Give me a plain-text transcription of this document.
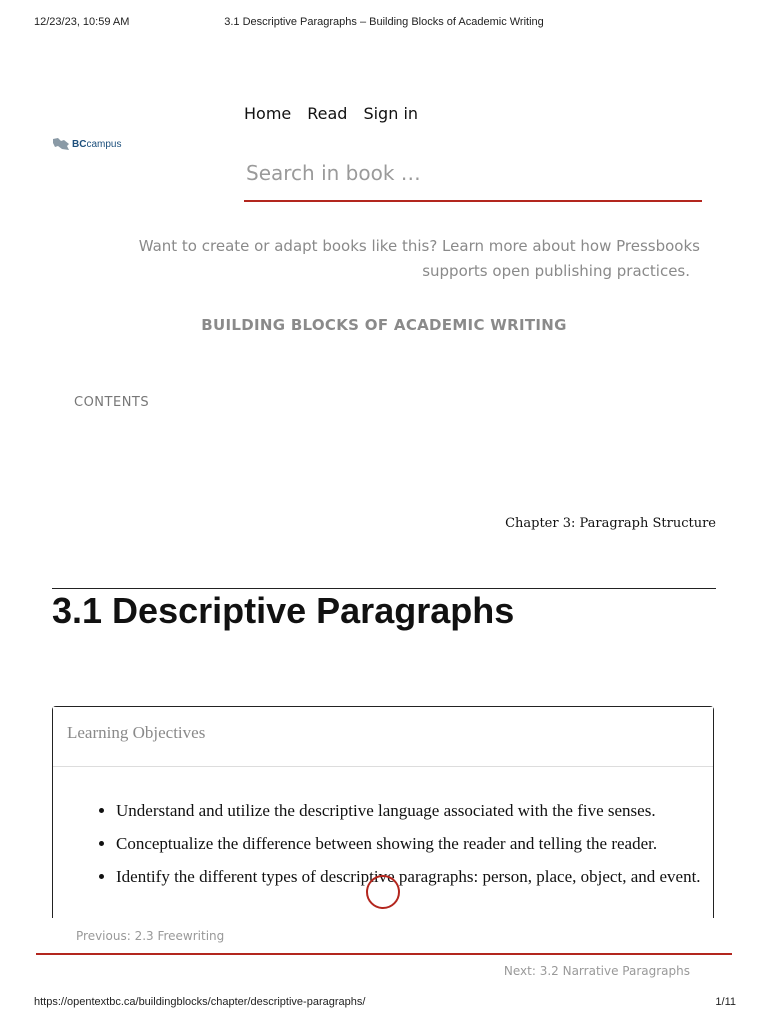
12/23/23, 10:59 AM	3.1 Descriptive Paragraphs – Building Blocks of Academic Writing
BCcampus
Home Read Sign in
Search in book …
Want to create or adapt books like this? Learn more about how Pressbooks
supports open publishing practices.
BUILDING BLOCKS OF ACADEMIC WRITING
CONTENTS
Chapter 3: Paragraph Structure
3.1 Descriptive Paragraphs
Learning Objectives
• Understand and utilize the descriptive language associated with the five senses.
• Conceptualize the difference between showing the reader and telling the reader.
• Identify the different types of descriptive paragraphs: person, place, object, and event.
Previous: 2.3 Freewriting
Next: 3.2 Narrative Paragraphs
https://opentextbc.ca/buildingblocks/chapter/descriptive-paragraphs/	1/11
